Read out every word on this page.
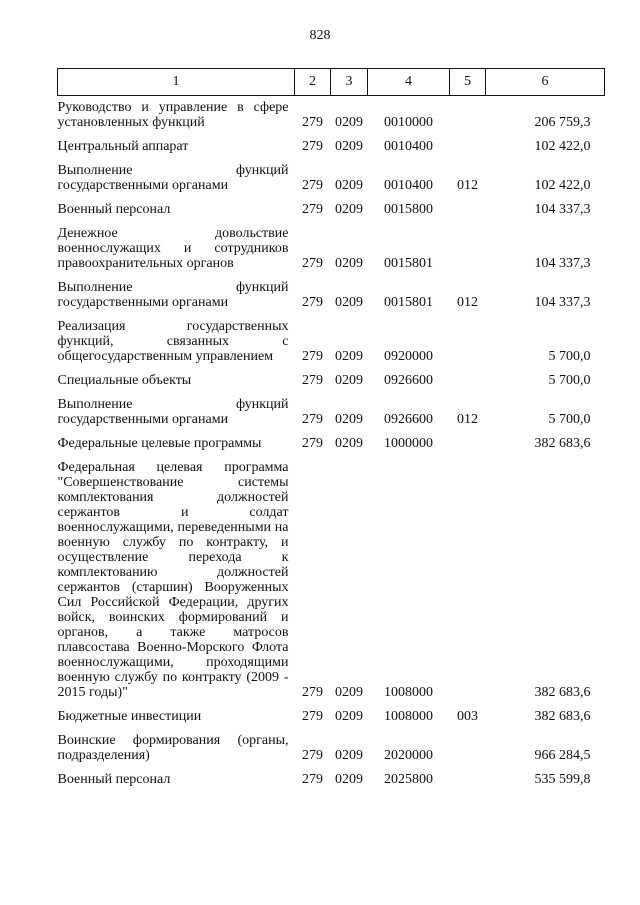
828
1	2	3	4	5	6
Руководство и управление в сфере установленных функций	279	0209	0010000		206 759,3
Центральный аппарат	279	0209	0010400		102 422,0
Выполнение функций государственными органами	279	0209	0010400	012	102 422,0
Военный персонал	279	0209	0015800		104 337,3
Денежное довольствие военнослужащих и сотрудников правоохранительных органов	279	0209	0015801		104 337,3
Выполнение функций государственными органами	279	0209	0015801	012	104 337,3
Реализация государственных функций, связанных с общегосударственным управлением	279	0209	0920000		5 700,0
Специальные объекты	279	0209	0926600		5 700,0
Выполнение функций государственными органами	279	0209	0926600	012	5 700,0
Федеральные целевые программы	279	0209	1000000		382 683,6
Федеральная целевая программа "Совершенствование системы комплектования должностей сержантов и солдат военнослужащими, переведенными на военную службу по контракту, и осуществление перехода к комплектованию должностей сержантов (старшин) Вооруженных Сил Российской Федерации, других войск, воинских формирований и органов, а также матросов плавсостава Военно-Морского Флота военнослужащими, проходящими военную службу по контракту (2009 - 2015 годы)"	279	0209	1008000		382 683,6
Бюджетные инвестиции	279	0209	1008000	003	382 683,6
Воинские формирования (органы, подразделения)	279	0209	2020000		966 284,5
Военный персонал	279	0209	2025800		535 599,8
